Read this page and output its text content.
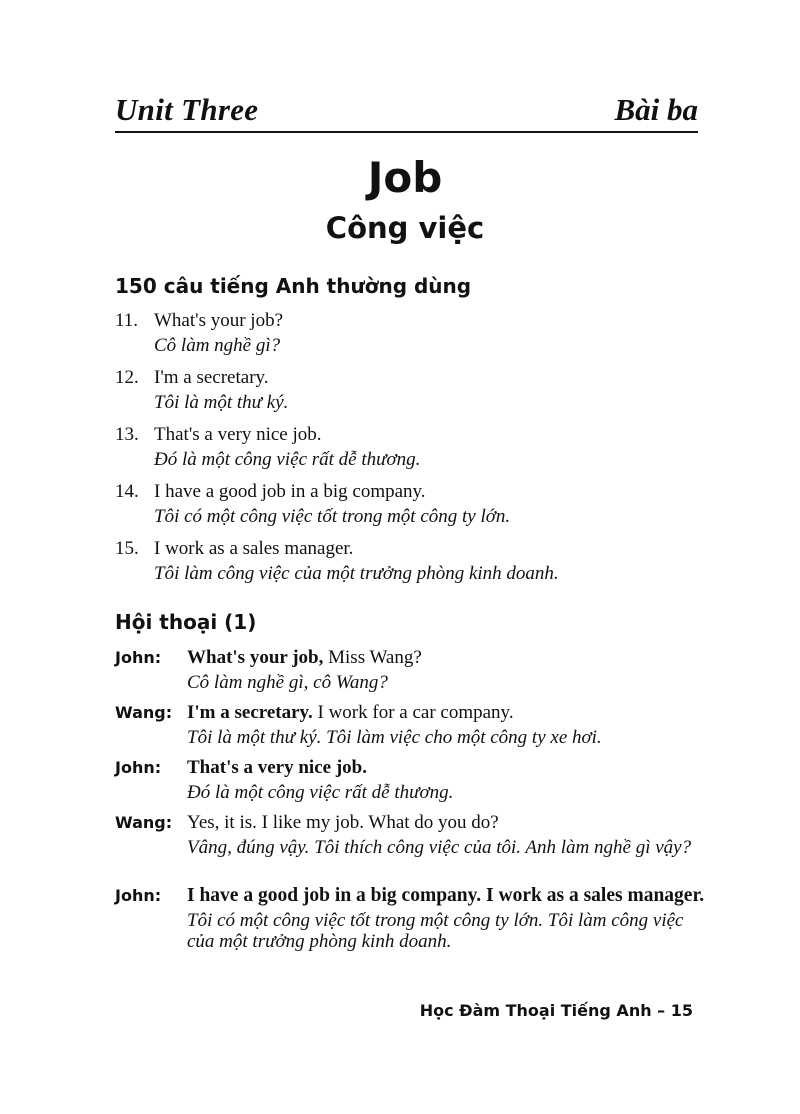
Unit Three	Bài ba
Job
Công việc
150 câu tiếng Anh thường dùng
11. What's your job?
Cô làm nghề gì?
12. I'm a secretary.
Tôi là một thư ký.
13. That's a very nice job.
Đó là một công việc rất dễ thương.
14. I have a good job in a big company.
Tôi có một công việc tốt trong một công ty lớn.
15. I work as a sales manager.
Tôi làm công việc của một trưởng phòng kinh doanh.
Hội thoại (1)
John: What's your job, Miss Wang?
Cô làm nghề gì, cô Wang?
Wang: I'm a secretary. I work for a car company.
Tôi là một thư ký. Tôi làm việc cho một công ty xe hơi.
John: That's a very nice job.
Đó là một công việc rất dễ thương.
Wang: Yes, it is. I like my job. What do you do?
Vâng, đúng vậy. Tôi thích công việc của tôi. Anh làm nghề gì vậy?
John: I have a good job in a big company. I work as a sales manager.
Tôi có một công việc tốt trong một công ty lớn. Tôi làm công việc của một trưởng phòng kinh doanh.
Học Đàm Thoại Tiếng Anh – 15
